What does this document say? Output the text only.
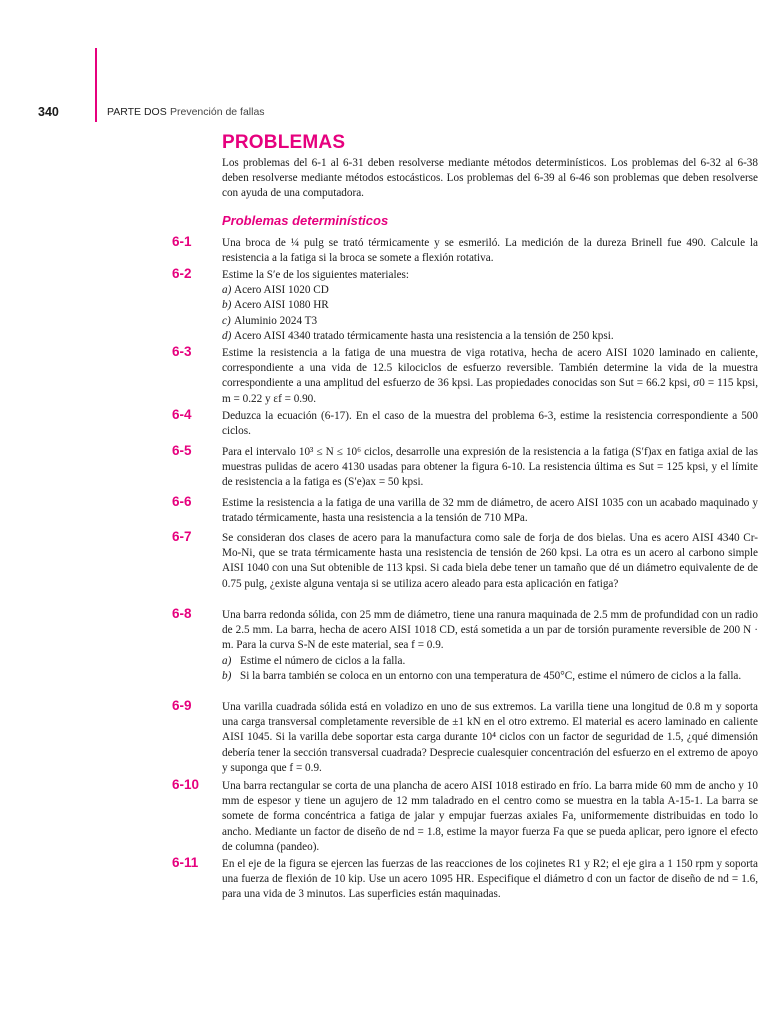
340	PARTE DOS Prevención de fallas
PROBLEMAS
Los problemas del 6-1 al 6-31 deben resolverse mediante métodos determinísticos. Los problemas del 6-32 al 6-38 deben resolverse mediante métodos estocásticos. Los problemas del 6-39 al 6-46 son problemas que deben resolverse con ayuda de una computadora.
Problemas determinísticos
6-1	Una broca de ¼ pulg se trató térmicamente y se esmeriló. La medición de la dureza Brinell fue 490. Calcule la resistencia a la fatiga si la broca se somete a flexión rotativa.
6-2	Estime la S′e de los siguientes materiales:

a) Acero AISI 1020 CD

b) Acero AISI 1080 HR

c) Aluminio 2024 T3

d) Acero AISI 4340 tratado térmicamente hasta una resistencia a la tensión de 250 kpsi.

6-3	Estime la resistencia a la fatiga de una muestra de viga rotativa, hecha de acero AISI 1020 laminado en caliente, correspondiente a una vida de 12.5 kilociclos de esfuerzo reversible. También determine la vida de la muestra correspondiente a una amplitud del esfuerzo de 36 kpsi. Las propiedades conocidas son Sut = 66.2 kpsi, σ0 = 115 kpsi, m = 0.22 y εf = 0.90.
6-4	Deduzca la ecuación (6-17). En el caso de la muestra del problema 6-3, estime la resistencia correspondiente a 500 ciclos.
6-5	Para el intervalo 10³ ≤ N ≤ 10⁶ ciclos, desarrolle una expresión de la resistencia a la fatiga (S′f)ax en fatiga axial de las muestras pulidas de acero 4130 usadas para obtener la figura 6-10. La resistencia última es Sut = 125 kpsi, y el límite de resistencia a la fatiga es (S′e)ax = 50 kpsi.
6-6	Estime la resistencia a la fatiga de una varilla de 32 mm de diámetro, de acero AISI 1035 con un acabado maquinado y tratado térmicamente, hasta una resistencia a la tensión de 710 MPa.
6-7	Se consideran dos clases de acero para la manufactura como sale de forja de dos bielas. Una es acero AISI 4340 Cr-Mo-Ni, que se trata térmicamente hasta una resistencia de tensión de 260 kpsi. La otra es un acero al carbono simple AISI 1040 con una Sut obtenible de 113 kpsi. Si cada biela debe tener un tamaño que dé un diámetro equivalente de de 0.75 pulg, ¿existe alguna ventaja si se utiliza acero aleado para esta aplicación en fatiga?
6-8	Una barra redonda sólida, con 25 mm de diámetro, tiene una ranura maquinada de 2.5 mm de profundidad con un radio de 2.5 mm. La barra, hecha de acero AISI 1018 CD, está sometida a un par de torsión puramente reversible de 200 N · m. Para la curva S-N de este material, sea f = 0.9.

a) Estime el número de ciclos a la falla.

b) Si la barra también se coloca en un entorno con una temperatura de 450°C, estime el número de ciclos a la falla.

6-9	Una varilla cuadrada sólida está en voladizo en uno de sus extremos. La varilla tiene una longitud de 0.8 m y soporta una carga transversal completamente reversible de ±1 kN en el otro extremo. El material es acero laminado en caliente AISI 1045. Si la varilla debe soportar esta carga durante 10⁴ ciclos con un factor de seguridad de 1.5, ¿qué dimensión debería tener la sección transversal cuadrada? Desprecie cualesquier concentración del esfuerzo en el extremo de apoyo y suponga que f = 0.9.
6-10 Una barra rectangular se corta de una plancha de acero AISI 1018 estirado en frío. La barra mide 60 mm de ancho y 10 mm de espesor y tiene un agujero de 12 mm taladrado en el centro como se muestra en la tabla A-15-1. La barra se somete de forma concéntrica a fatiga de jalar y empujar fuerzas axiales Fa, uniformemente distribuidas en todo lo ancho. Mediante un factor de diseño de nd = 1.8, estime la mayor fuerza Fa que se pueda aplicar, pero ignore el efecto de columna (pandeo).
6-11 En el eje de la figura se ejercen las fuerzas de las reacciones de los cojinetes R1 y R2; el eje gira a 1 150 rpm y soporta una fuerza de flexión de 10 kip. Use un acero 1095 HR. Especifique el diámetro d con un factor de diseño de nd = 1.6, para una vida de 3 minutos. Las superficies están maquinadas.
